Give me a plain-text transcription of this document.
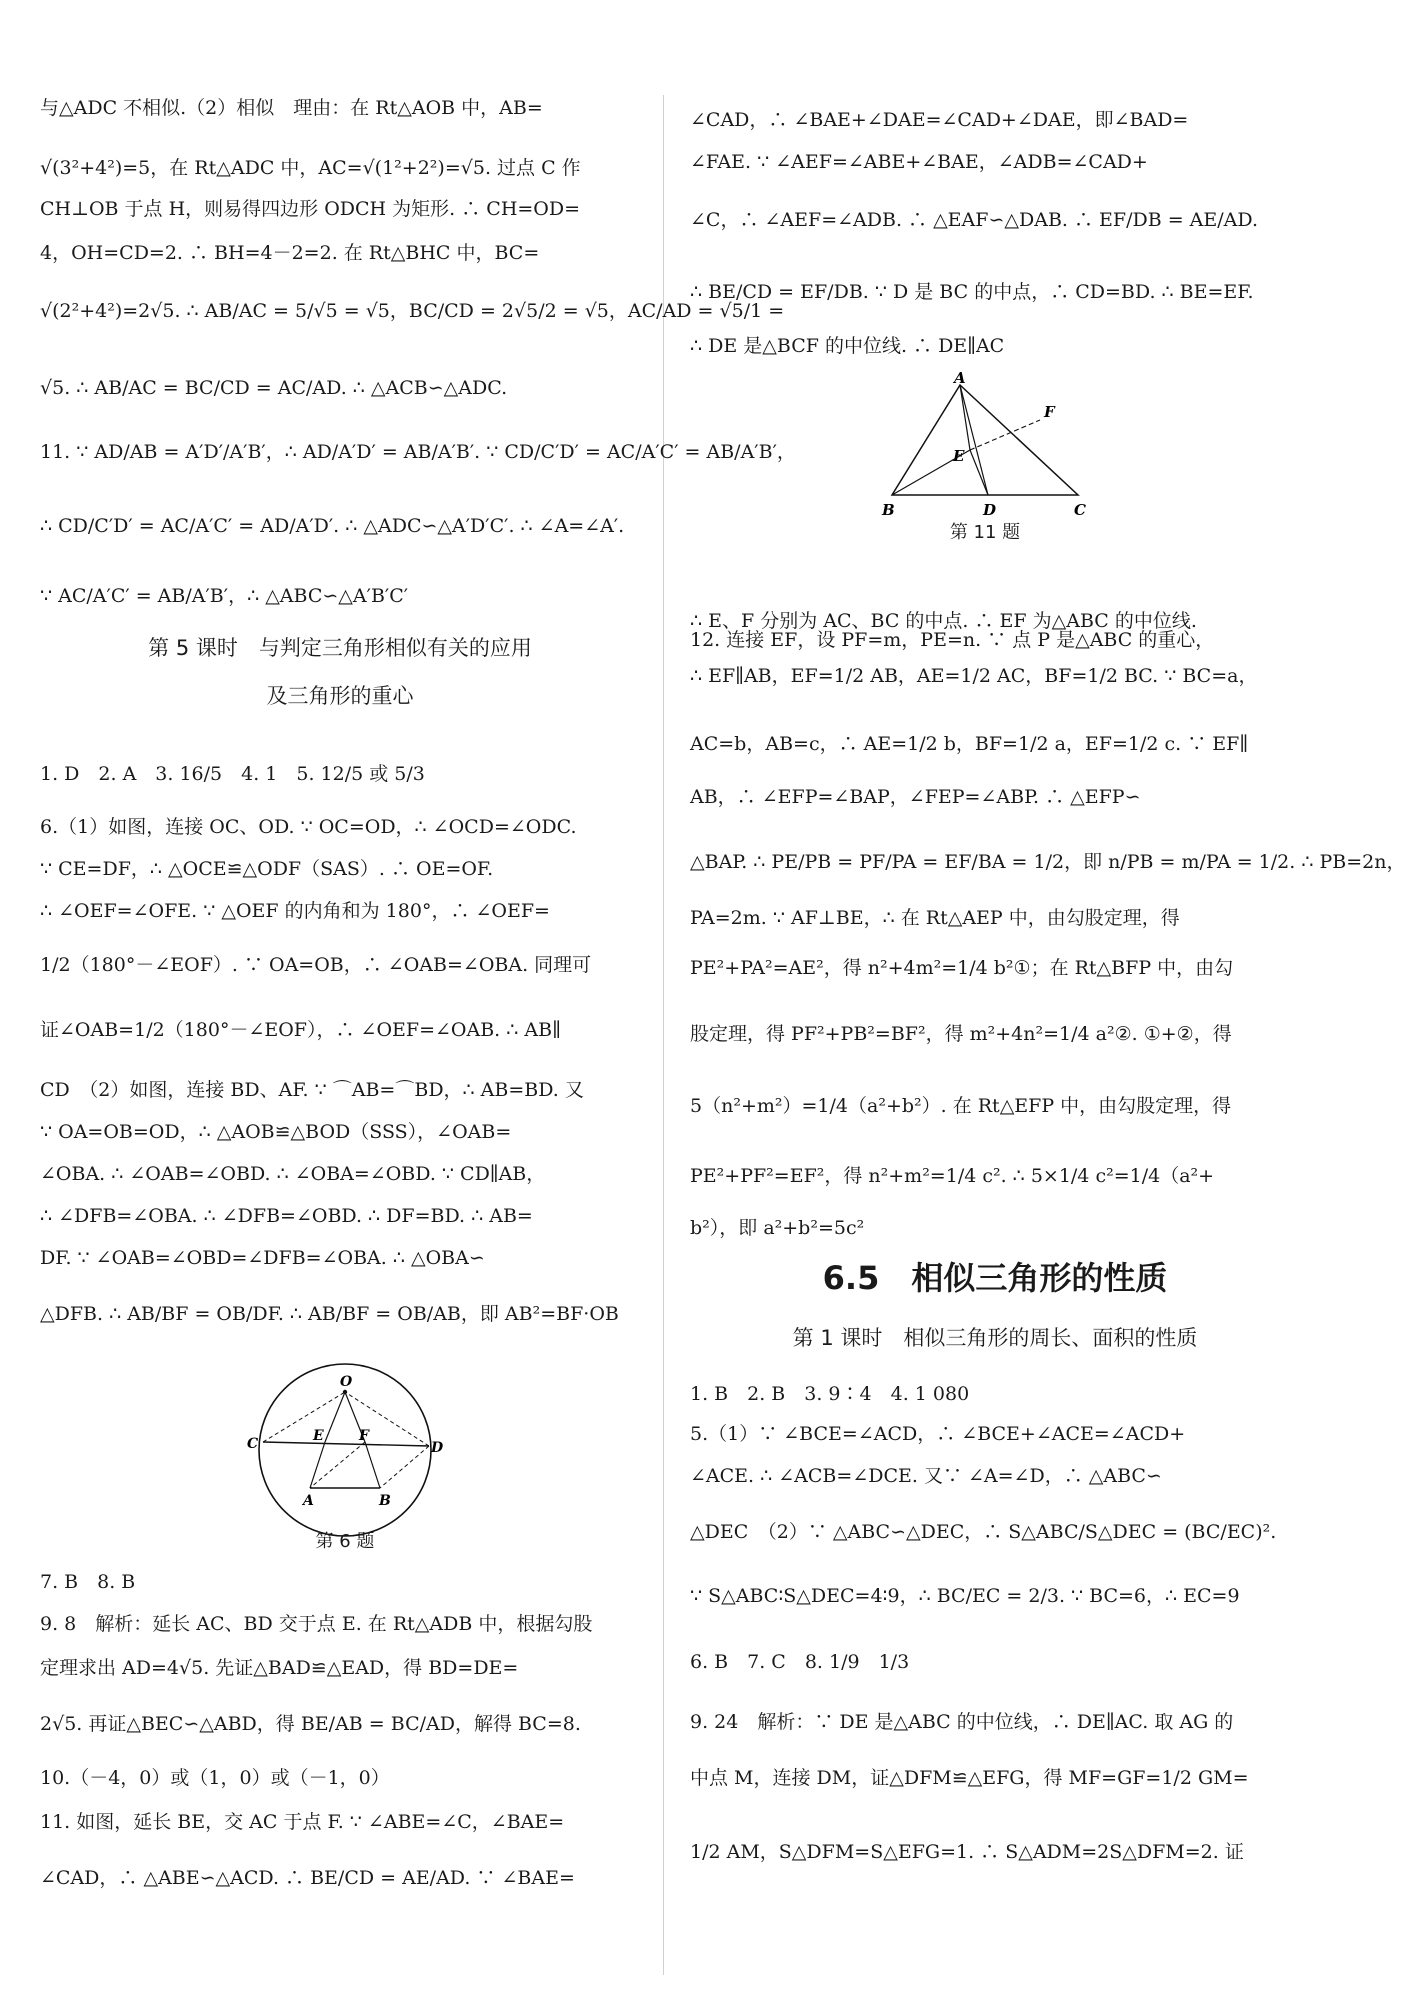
与△ADC 不相似.（2）相似　理由：在 Rt△AOB 中，AB=
√(3²+4²)=5，在 Rt△ADC 中，AC=√(1²+2²)=√5. 过点 C 作
CH⊥OB 于点 H，则易得四边形 ODCH 为矩形. ∴ CH=OD=
4，OH=CD=2. ∴ BH=4－2=2. 在 Rt△BHC 中，BC=
√(2²+4²)=2√5. ∴ AB/AC = 5/√5 = √5，BC/CD = 2√5/2 = √5，AC/AD = √5/1 =
√5. ∴ AB/AC = BC/CD = AC/AD. ∴ △ACB∽△ADC.
11. ∵ AD/AB = A′D′/A′B′，∴ AD/A′D′ = AB/A′B′. ∵ CD/C′D′ = AC/A′C′ = AB/A′B′，
∴ CD/C′D′ = AC/A′C′ = AD/A′D′. ∴ △ADC∽△A′D′C′. ∴ ∠A=∠A′.
∵ AC/A′C′ = AB/A′B′，∴ △ABC∽△A′B′C′
1. D　2. A　3. 16/5　4. 1　5. 12/5 或 5/3
6.（1）如图，连接 OC、OD. ∵ OC=OD，∴ ∠OCD=∠ODC.
∵ CE=DF，∴ △OCE≌△ODF（SAS）. ∴ OE=OF.
∴ ∠OEF=∠OFE. ∵ △OEF 的内角和为 180°，∴ ∠OEF=
1/2（180°－∠EOF）. ∵ OA=OB，∴ ∠OAB=∠OBA. 同理可
证∠OAB=1/2（180°－∠EOF），∴ ∠OEF=∠OAB. ∴ AB∥
CD　（2）如图，连接 BD、AF. ∵ ⌒AB=⌒BD，∴ AB=BD. 又
∵ OA=OB=OD，∴ △AOB≌△BOD（SSS），∠OAB=
∠OBA. ∴ ∠OAB=∠OBD. ∴ ∠OBA=∠OBD. ∵ CD∥AB，
∴ ∠DFB=∠OBA. ∴ ∠DFB=∠OBD. ∴ DF=BD. ∴ AB=
DF. ∵ ∠OAB=∠OBD=∠DFB=∠OBA. ∴ △OBA∽
△DFB. ∴ AB/BF = OB/DF. ∴ AB/BF = OB/AB，即 AB²=BF·OB
7. B　8. B
9. 8　解析：延长 AC、BD 交于点 E. 在 Rt△ADB 中，根据勾股
定理求出 AD=4√5. 先证△BAD≌△EAD，得 BD=DE=
2√5. 再证△BEC∽△ABD，得 BE/AB = BC/AD，解得 BC=8.
10.（－4，0）或（1，0）或（－1，0）
11. 如图，延长 BE，交 AC 于点 F. ∵ ∠ABE=∠C，∠BAE=
∠CAD，∴ △ABE∽△ACD. ∴ BE/CD = AE/AD. ∵ ∠BAE=
∠CAD，∴ ∠BAE+∠DAE=∠CAD+∠DAE，即∠BAD=
∠FAE. ∵ ∠AEF=∠ABE+∠BAE，∠ADB=∠CAD+
∠C，∴ ∠AEF=∠ADB. ∴ △EAF∽△DAB. ∴ EF/DB = AE/AD.
∴ BE/CD = EF/DB. ∵ D 是 BC 的中点，∴ CD=BD. ∴ BE=EF.
∴ DE 是△BCF 的中位线. ∴ DE∥AC
12. 连接 EF，设 PF=m，PE=n. ∵ 点 P 是△ABC 的重心，
∴ E、F 分别为 AC、BC 的中点. ∴ EF 为△ABC 的中位线.
∴ EF∥AB，EF=1/2 AB，AE=1/2 AC，BF=1/2 BC. ∵ BC=a，
AC=b，AB=c，∴ AE=1/2 b，BF=1/2 a，EF=1/2 c. ∵ EF∥
AB，∴ ∠EFP=∠BAP，∠FEP=∠ABP. ∴ △EFP∽
△BAP. ∴ PE/PB = PF/PA = EF/BA = 1/2，即 n/PB = m/PA = 1/2. ∴ PB=2n，
PA=2m. ∵ AF⊥BE，∴ 在 Rt△AEP 中，由勾股定理，得
PE²+PA²=AE²，得 n²+4m²=1/4 b²①；在 Rt△BFP 中，由勾
股定理，得 PF²+PB²=BF²，得 m²+4n²=1/4 a²②. ①+②，得
5（n²+m²）=1/4（a²+b²）. 在 Rt△EFP 中，由勾股定理，得
PE²+PF²=EF²，得 n²+m²=1/4 c². ∴ 5×1/4 c²=1/4（a²+
b²），即 a²+b²=5c²
1. B　2. B　3. 9∶4　4. 1 080
5.（1）∵ ∠BCE=∠ACD，∴ ∠BCE+∠ACE=∠ACD+
∠ACE. ∴ ∠ACB=∠DCE. 又∵ ∠A=∠D，∴ △ABC∽
△DEC　（2）∵ △ABC∽△DEC，∴ S△ABC/S△DEC = (BC/EC)².
∵ S△ABC∶S△DEC=4∶9，∴ BC/EC = 2/3. ∵ BC=6，∴ EC=9
6. B　7. C　8. 1/9　1/3
9. 24　解析：∵ DE 是△ABC 的中位线，∴ DE∥AC. 取 AG 的
中点 M，连接 DM，证△DFM≌△EFG，得 MF=GF=1/2 GM=
1/2 AM，S△DFM=S△EFG=1. ∴ S△ADM=2S△DFM=2. 证
第 5 课时　与判定三角形相似有关的应用
及三角形的重心
O
C	D
E	F
A	B
第 6 题
A
B	C
D
E
F
第 11 题
6.5　相似三角形的性质
第 1 课时　相似三角形的周长、面积的性质
